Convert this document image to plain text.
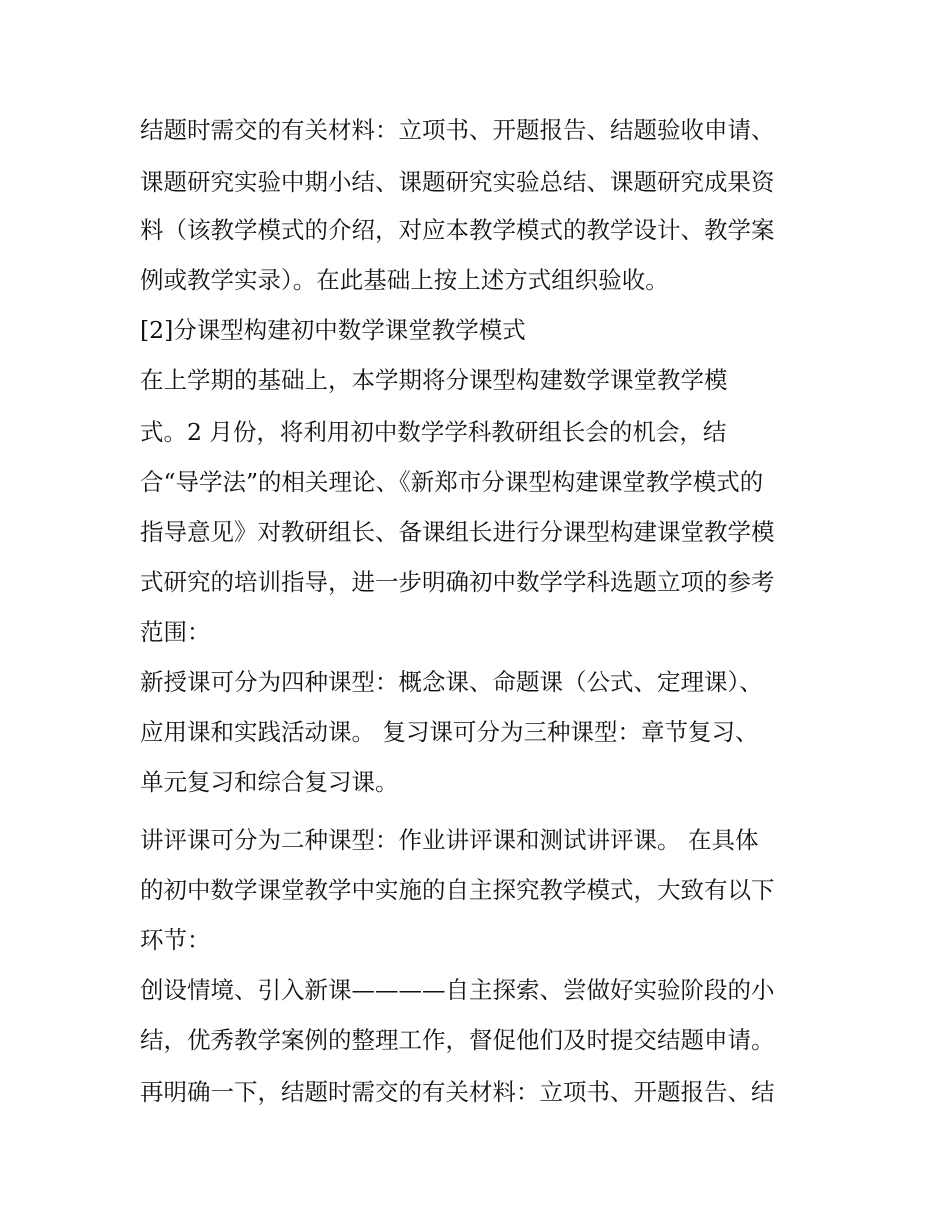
结题时需交的有关材料：立项书、开题报告、结题验收申请、

课题研究实验中期小结、课题研究实验总结、课题研究成果资

料（该教学模式的介绍，对应本教学模式的教学设计、教学案

例或教学实录）。在此基础上按上述方式组织验收。

[2]分课型构建初中数学课堂教学模式

在上学期的基础上，本学期将分课型构建数学课堂教学模

式。2 月份，将利用初中数学学科教研组长会的机会，结

合“导学法”的相关理论、《新郑市分课型构建课堂教学模式的

指导意见》对教研组长、备课组长进行分课型构建课堂教学模

式研究的培训指导，进一步明确初中数学学科选题立项的参考

范围：

新授课可分为四种课型：概念课、命题课（公式、定理课）、

应用课和实践活动课。 复习课可分为三种课型：章节复习、

单元复习和综合复习课。

讲评课可分为二种课型：作业讲评课和测试讲评课。 在具体

的初中数学课堂教学中实施的自主探究教学模式，大致有以下

环节：

创设情境、引入新课————自主探索、尝做好实验阶段的小

结，优秀教学案例的整理工作，督促他们及时提交结题申请。

再明确一下，结题时需交的有关材料：立项书、开题报告、结
